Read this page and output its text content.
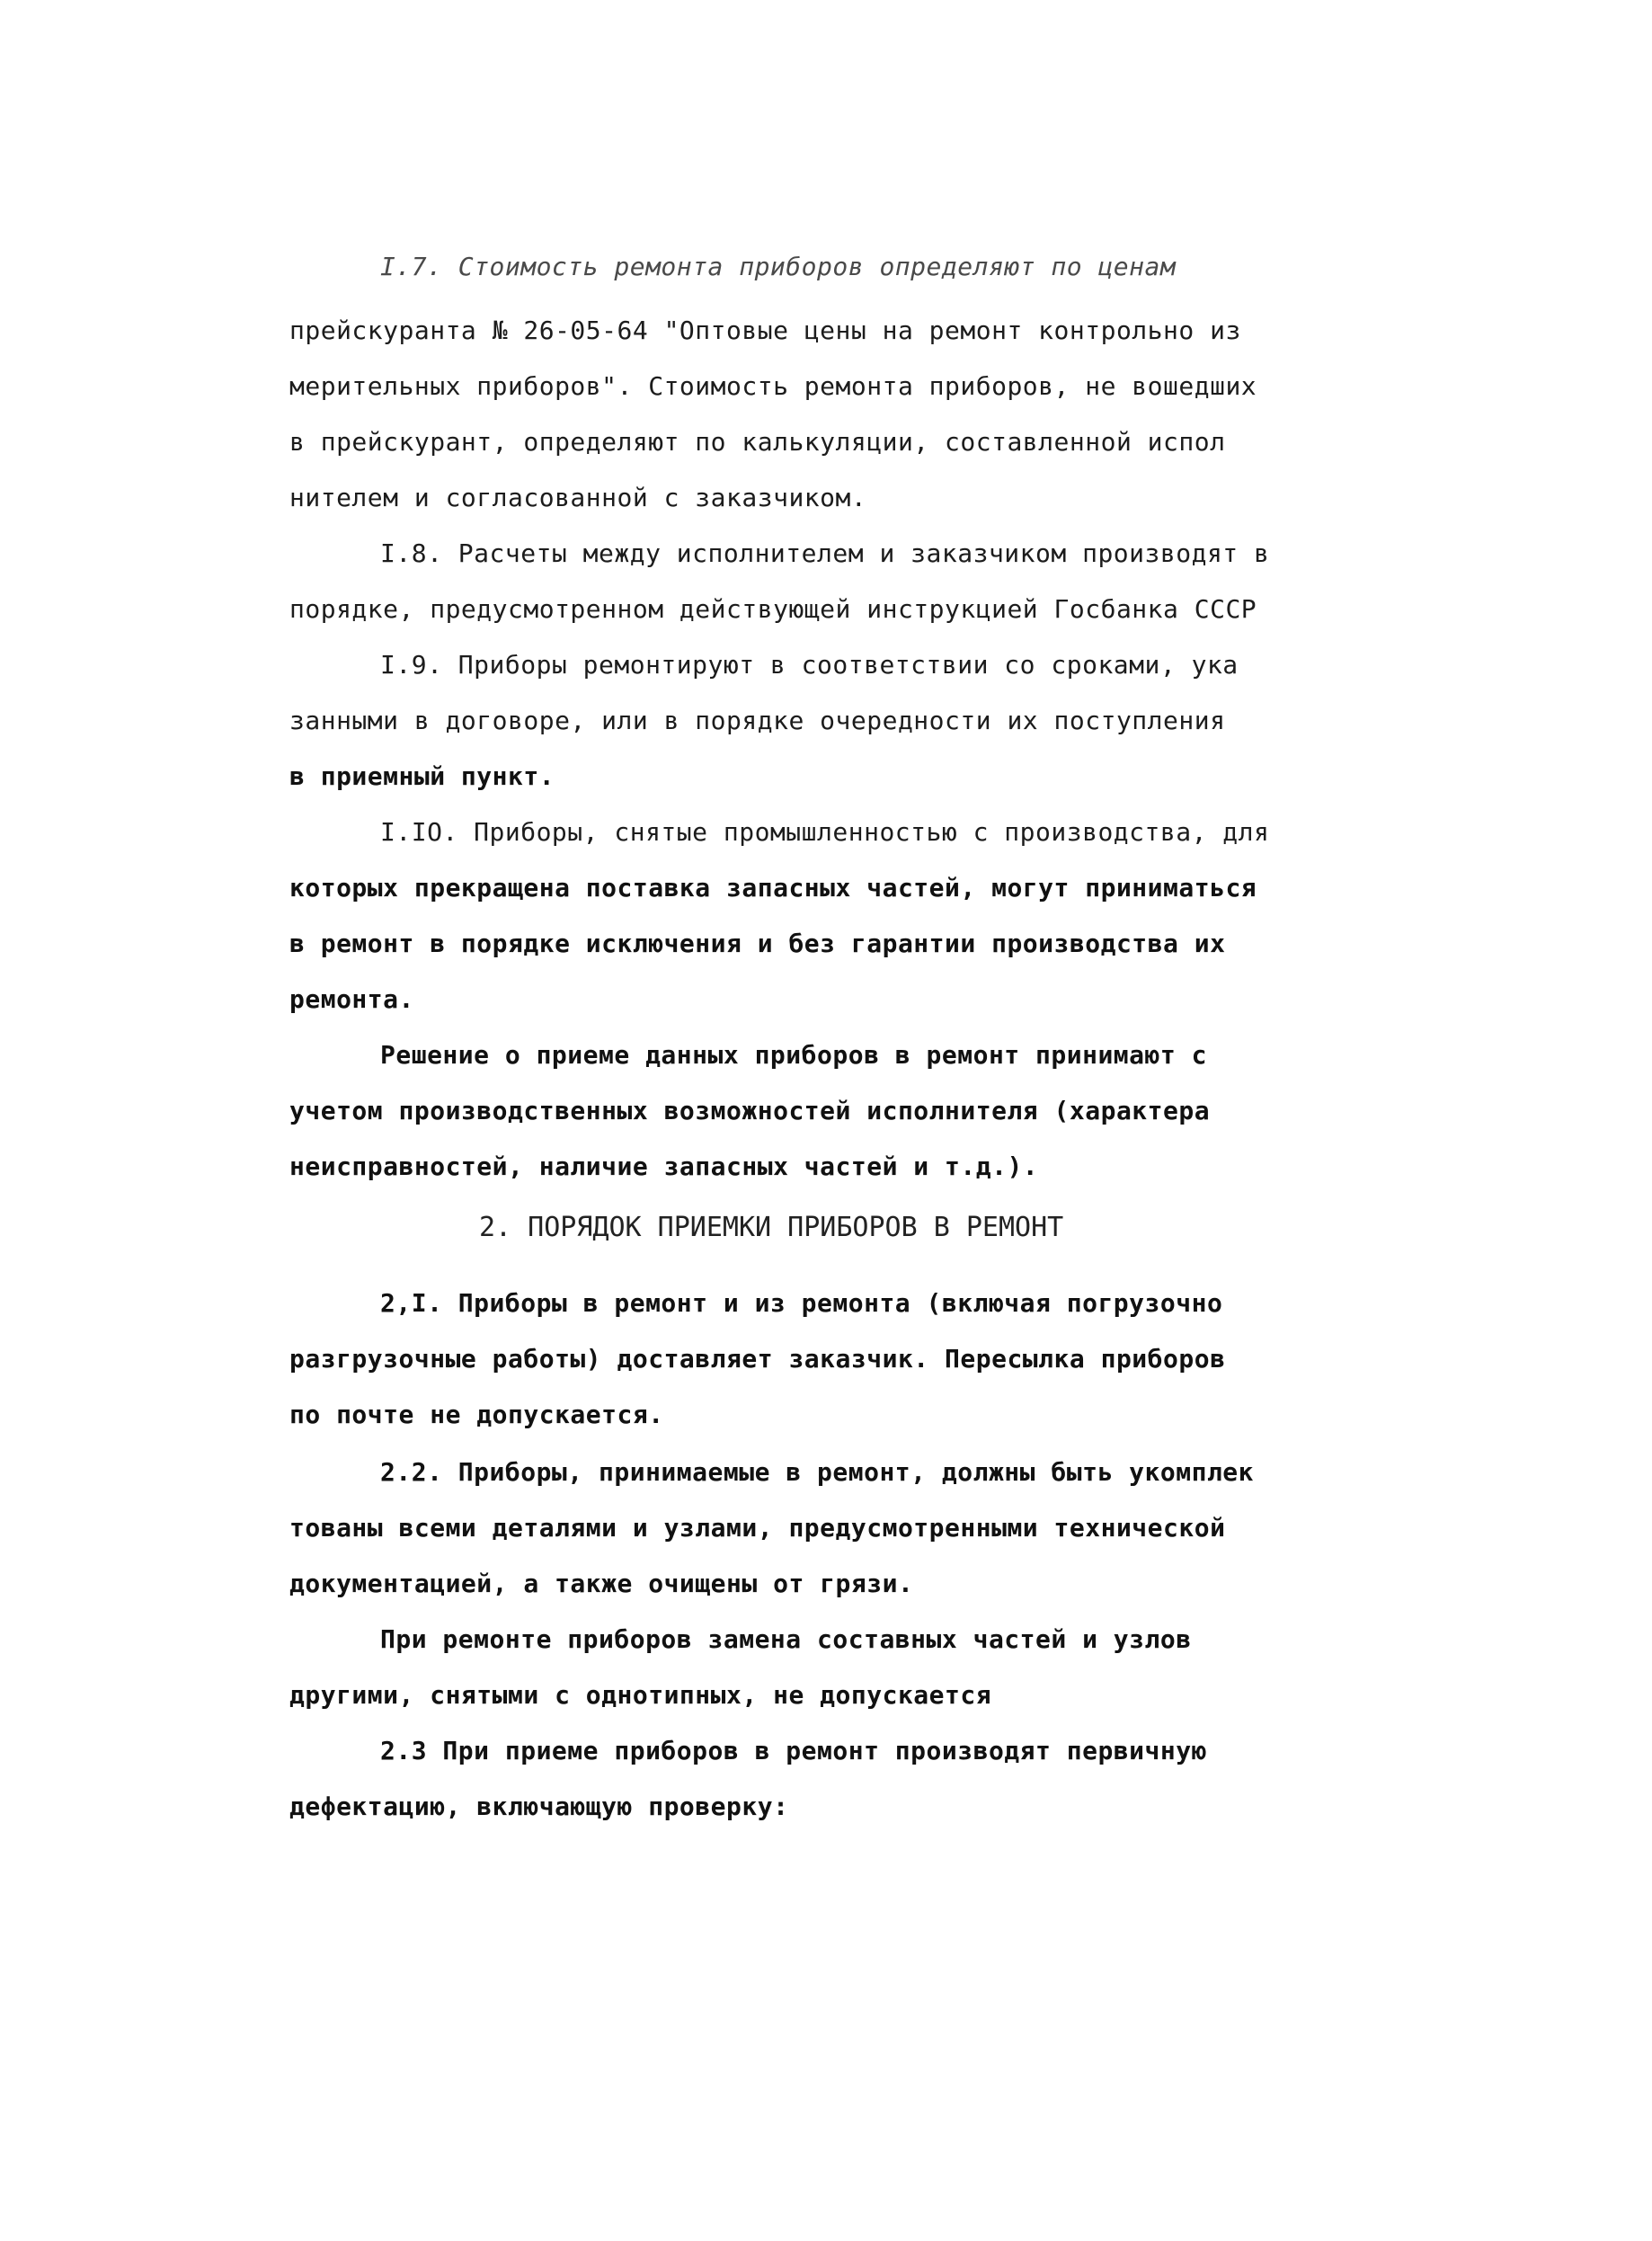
I.7. Стоимость ремонта приборов определяют по ценам

прейскуранта № 26-05-64 "Оптовые цены на ремонт контрольно из

мерительных приборов". Стоимость ремонта приборов, не вошедших

в прейскурант, определяют по калькуляции, составленной испол

нителем и согласованной с заказчиком.

I.8. Расчеты между исполнителем и заказчиком производят в

порядке, предусмотренном действующей инструкцией Госбанка СССР

I.9. Приборы ремонтируют в соответствии со сроками, ука

занными в договоре, или в порядке очередности их поступления

в приемный пункт.

I.IO. Приборы, снятые промышленностью с производства, для

которых прекращена поставка запасных частей, могут приниматься

в ремонт в порядке исключения и без гарантии производства их

ремонта.

Решение о приеме данных приборов в ремонт принимают с

учетом производственных возможностей исполнителя (характера

неисправностей, наличие запасных частей и т.д.).

2. ПОРЯДОК ПРИЕМКИ ПРИБОРОВ В РЕМОНТ

2,I. Приборы в ремонт и из ремонта (включая погрузочно

разгрузочные работы) доставляет заказчик. Пересылка приборов

по почте не допускается.

2.2. Приборы, принимаемые в ремонт, должны быть укомплек

тованы всеми деталями и узлами, предусмотренными технической

документацией, а также очищены от грязи.

При ремонте приборов замена составных частей и узлов

другими, снятыми с однотипных, не допускается

2.3 При приеме приборов в ремонт производят первичную

дефектацию, включающую проверку:
